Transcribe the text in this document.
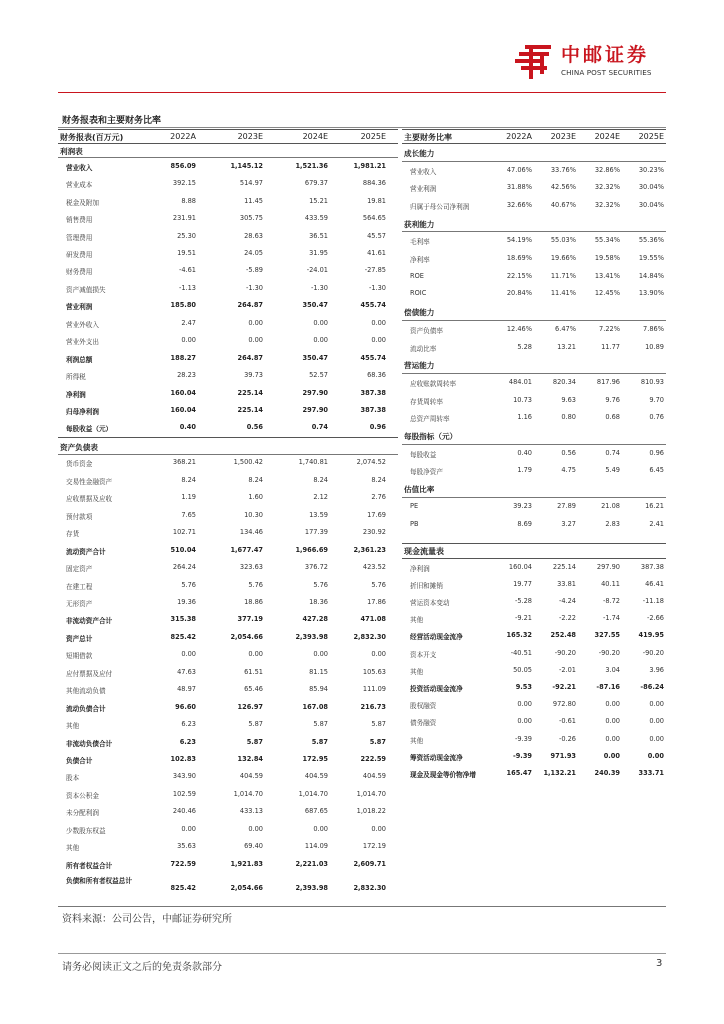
中邮证券
CHINA POST SECURITIES
财务报表和主要财务比率
财务报表(百万元)	2022A	2023E	2024E	2025E
利润表
营业收入	856.09	1,145.12	1,521.36	1,981.21
营业成本	392.15	514.97	679.37	884.36
税金及附加	8.88	11.45	15.21	19.81
销售费用	231.91	305.75	433.59	564.65
管理费用	25.30	28.63	36.51	45.57
研发费用	19.51	24.05	31.95	41.61
财务费用	-4.61	-5.89	-24.01	-27.85
资产减值损失	-1.13	-1.30	-1.30	-1.30
营业利润	185.80	264.87	350.47	455.74
营业外收入	2.47	0.00	0.00	0.00
营业外支出	0.00	0.00	0.00	0.00
利润总额	188.27	264.87	350.47	455.74
所得税	28.23	39.73	52.57	68.36
净利润	160.04	225.14	297.90	387.38
归母净利润	160.04	225.14	297.90	387.38
每股收益（元）	0.40	0.56	0.74	0.96
资产负债表
货币资金	368.21	1,500.42	1,740.81	2,074.52
交易性金融资产	8.24	8.24	8.24	8.24
应收票据及应收	1.19	1.60	2.12	2.76
预付款项	7.65	10.30	13.59	17.69
存货	102.71	134.46	177.39	230.92
流动资产合计	510.04	1,677.47	1,966.69	2,361.23
固定资产	264.24	323.63	376.72	423.52
在建工程	5.76	5.76	5.76	5.76
无形资产	19.36	18.86	18.36	17.86
非流动资产合计	315.38	377.19	427.28	471.08
资产总计	825.42	2,054.66	2,393.98	2,832.30
短期借款	0.00	0.00	0.00	0.00
应付票据及应付	47.63	61.51	81.15	105.63
其他流动负债	48.97	65.46	85.94	111.09
流动负债合计	96.60	126.97	167.08	216.73
其他	6.23	5.87	5.87	5.87
非流动负债合计	6.23	5.87	5.87	5.87
负债合计	102.83	132.84	172.95	222.59
股本	343.90	404.59	404.59	404.59
资本公积金	102.59	1,014.70	1,014.70	1,014.70
未分配利润	240.46	433.13	687.65	1,018.22
少数股东权益	0.00	0.00	0.00	0.00
其他	35.63	69.40	114.09	172.19
所有者权益合计	722.59	1,921.83	2,221.03	2,609.71
负债和所有者权益总计
825.42	2,054.66	2,393.98	2,832.30
主要财务比率	2022A	2023E	2024E	2025E
成长能力
营业收入	47.06%	33.76%	32.86%	30.23%
营业利润	31.88%	42.56%	32.32%	30.04%
归属于母公司净利润	32.66%	40.67%	32.32%	30.04%
获利能力
毛利率	54.19%	55.03%	55.34%	55.36%
净利率	18.69%	19.66%	19.58%	19.55%
ROE	22.15%	11.71%	13.41%	14.84%
ROIC	20.84%	11.41%	12.45%	13.90%
偿债能力
资产负债率	12.46%	6.47%	7.22%	7.86%
流动比率	5.28	13.21	11.77	10.89
营运能力
应收账款周转率	484.01	820.34	817.96	810.93
存货周转率	10.73	9.63	9.76	9.70
总资产周转率	1.16	0.80	0.68	0.76
每股指标（元）
每股收益	0.40	0.56	0.74	0.96
每股净资产	1.79	4.75	5.49	6.45
估值比率
PE	39.23	27.89	21.08	16.21
PB	8.69	3.27	2.83	2.41
现金流量表
净利润	160.04	225.14	297.90	387.38
折旧和摊销	19.77	33.81	40.11	46.41
营运资本变动	-5.28	-4.24	-8.72	-11.18
其他	-9.21	-2.22	-1.74	-2.66
经营活动现金流净	165.32	252.48	327.55	419.95
资本开支	-40.51	-90.20	-90.20	-90.20
其他	50.05	-2.01	3.04	3.96
投资活动现金流净	9.53	-92.21	-87.16	-86.24
股权融资	0.00	972.80	0.00	0.00
债务融资	0.00	-0.61	0.00	0.00
其他	-9.39	-0.26	0.00	0.00
筹资活动现金流净	-9.39	971.93	0.00	0.00
现金及现金等价物净增	165.47	1,132.21	240.39	333.71
资料来源：公司公告，中邮证券研究所
请务必阅读正文之后的免责条款部分	3
